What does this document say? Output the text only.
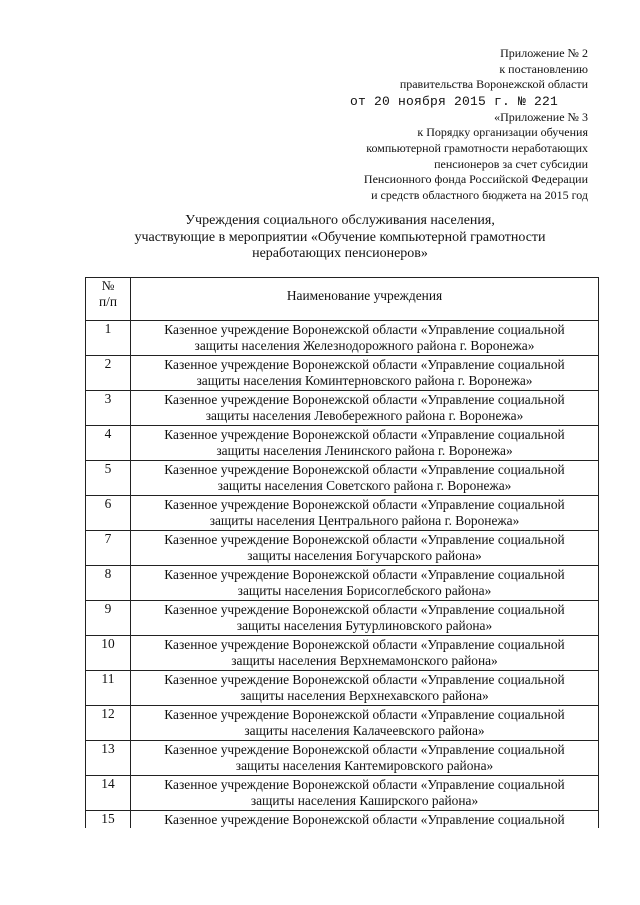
Приложение № 2
к постановлению
правительства Воронежской области
от 20 ноября 2015 г. № 221
«Приложение № 3
к Порядку организации обучения
компьютерной грамотности неработающих
пенсионеров за счет субсидии
Пенсионного фонда Российской Федерации
и средств областного бюджета на 2015 год
Учреждения социального обслуживания населения,
участвующие в мероприятии «Обучение компьютерной грамотности
неработающих пенсионеров»
№
п/п	Наименование учреждения
1	Казенное учреждение Воронежской области «Управление социальной
защиты населения Железнодорожного района г. Воронежа»

2	Казенное учреждение Воронежской области «Управление социальной
защиты населения Коминтерновского района г. Воронежа»

3	Казенное учреждение Воронежской области «Управление социальной
защиты населения Левобережного района г. Воронежа»

4	Казенное учреждение Воронежской области «Управление социальной
защиты населения Ленинского района г. Воронежа»

5	Казенное учреждение Воронежской области «Управление социальной
защиты населения Советского района г. Воронежа»

6	Казенное учреждение Воронежской области «Управление социальной
защиты населения Центрального района г. Воронежа»

7	Казенное учреждение Воронежской области «Управление социальной
защиты населения Богучарского района»

8	Казенное учреждение Воронежской области «Управление социальной
защиты населения Борисоглебского района»

9	Казенное учреждение Воронежской области «Управление социальной
защиты населения Бутурлиновского района»

10	Казенное учреждение Воронежской области «Управление социальной
защиты населения Верхнемамонского района»

11	Казенное учреждение Воронежской области «Управление социальной
защиты населения Верхнехавского района»

12	Казенное учреждение Воронежской области «Управление социальной
защиты населения Калачеевского района»

13	Казенное учреждение Воронежской области «Управление социальной
защиты населения Кантемировского района»

14	Казенное учреждение Воронежской области «Управление социальной
защиты населения Каширского района»

15	Казенное учреждение Воронежской области «Управление социальной
